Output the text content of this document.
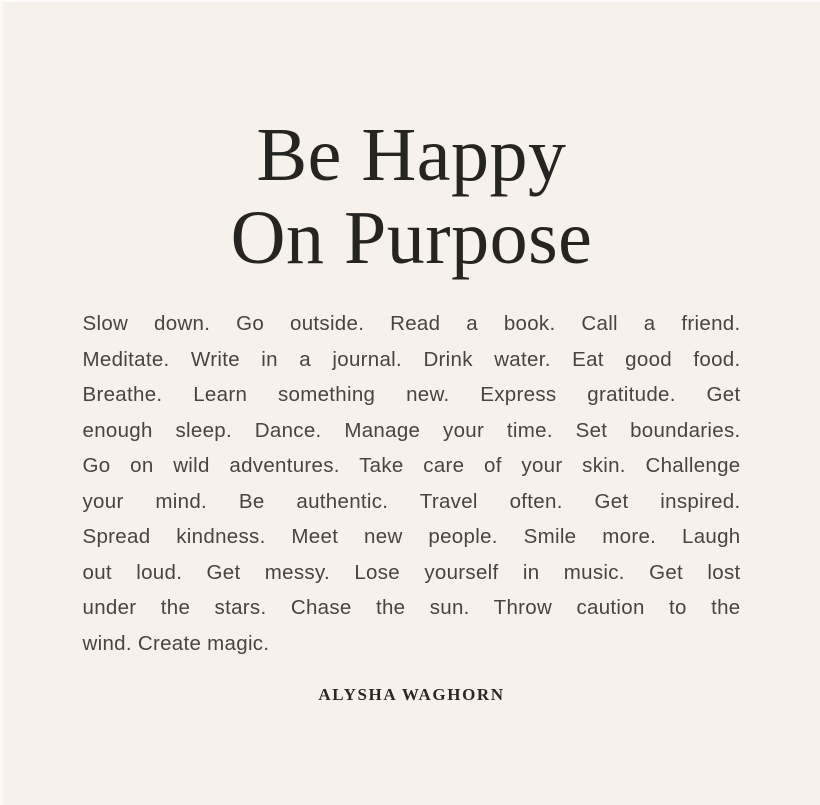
Be Happy
On Purpose
Slow down. Go outside. Read a book. Call a friend.
Meditate. Write in a journal. Drink water. Eat good food.
Breathe. Learn something new. Express gratitude. Get
enough sleep. Dance. Manage your time. Set boundaries.
Go on wild adventures. Take care of your skin. Challenge
your mind. Be authentic. Travel often. Get inspired.
Spread kindness. Meet new people. Smile more. Laugh
out loud. Get messy. Lose yourself in music. Get lost
under the stars. Chase the sun. Throw caution to the
wind. Create magic.
ALYSHA WAGHORN
